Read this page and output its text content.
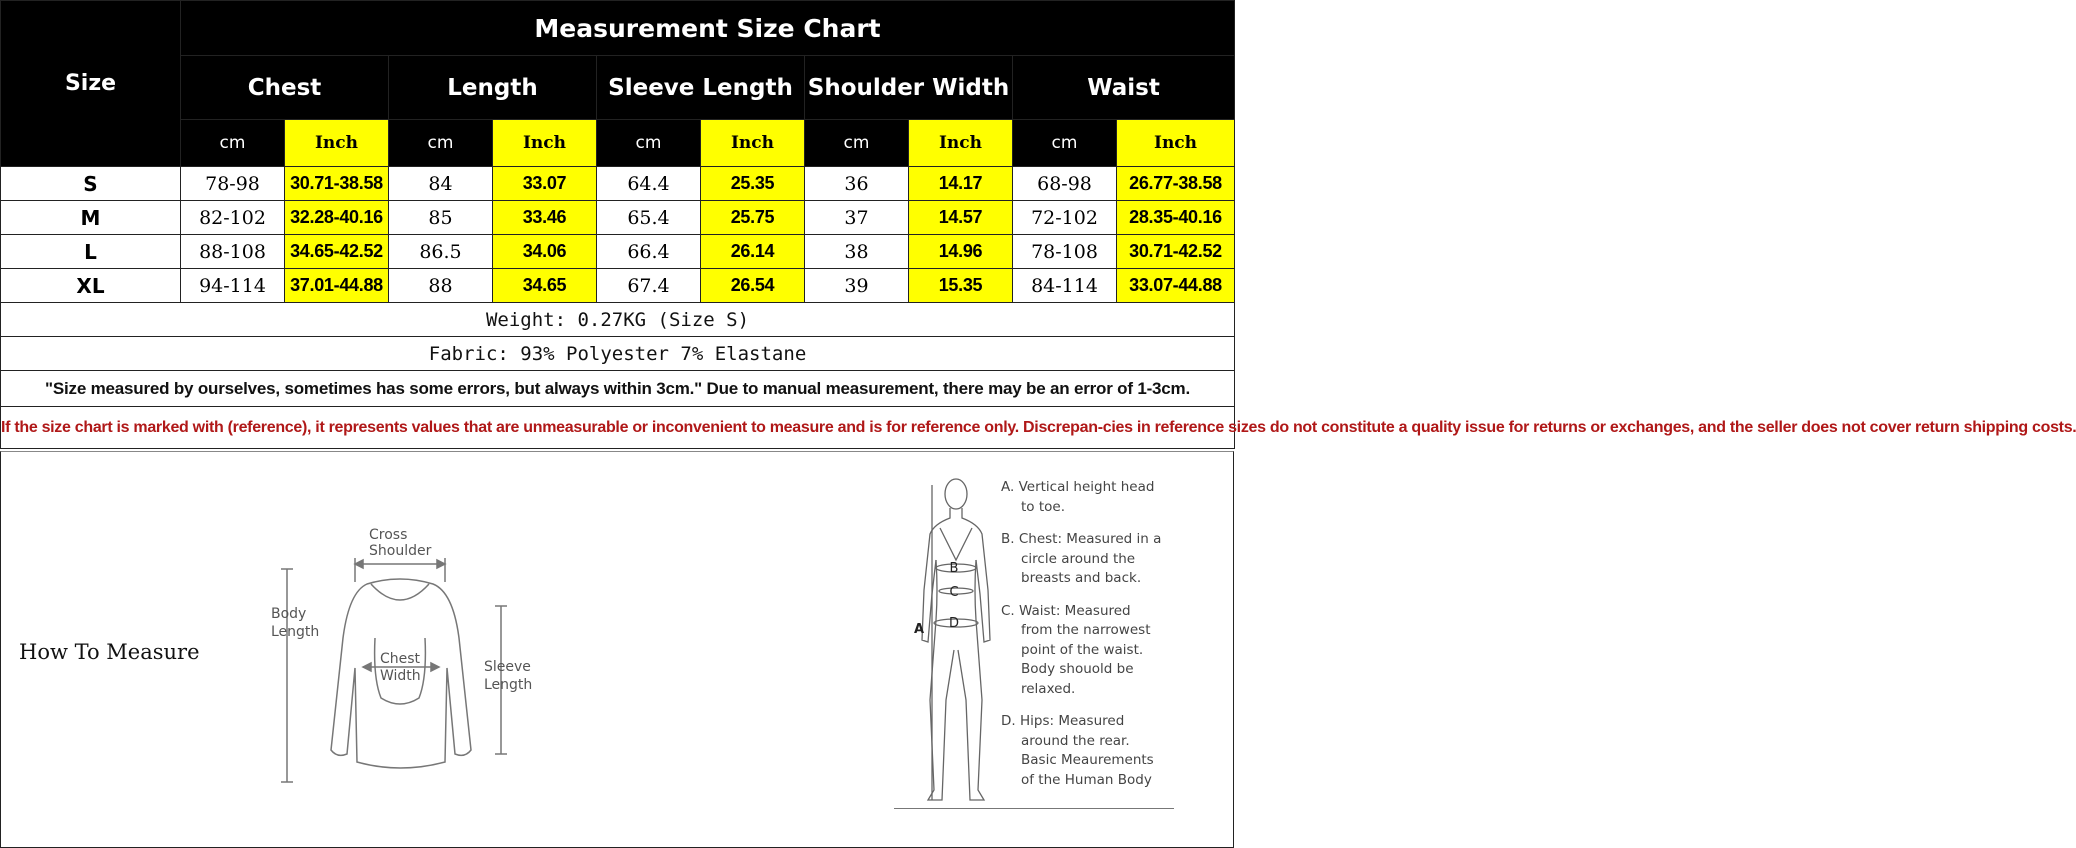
Size	Measurement Size Chart									
	Chest		Length		Sleeve Length		Shoulder Width		Waist	
	cm	Inch	cm	Inch	cm	Inch	cm	Inch	cm	Inch
S	78-98	30.71-38.58	84	33.07	64.4	25.35	36	14.17	68-98	26.77-38.58
M	82-102	32.28-40.16	85	33.46	65.4	25.75	37	14.57	72-102	28.35-40.16
L	88-108	34.65-42.52	86.5	34.06	66.4	26.14	38	14.96	78-108	30.71-42.52
XL	94-114	37.01-44.88	88	34.65	67.4	26.54	39	15.35	84-114	33.07-44.88
Weight: 0.27KG (Size S)										
Fabric: 93% Polyester 7% Elastane										
"Size measured by ourselves, sometimes has some errors, but always within 3cm." Due to manual measurement, there may be an error of 1-3cm.										
If the size chart is marked with (reference), it represents values that are unmeasurable or inconvenient to measure and is for reference only. Discrepan-cies in reference sizes do not constitute a quality issue for returns or exchanges, and the seller does not cover return shipping costs.										
How To Measure
Cross
Shoulder
Body
Length
Chest
Width
Sleeve
Length
B
C
D
A
A. Vertical height head
to toe.
B. Chest: Measured in a
circle around the
breasts and back.
C. Waist: Measured
from the narrowest
point of the waist.
Body shouold be
relaxed.
D. Hips: Measured
around the rear.
Basic Meaurements
of the Human Body
